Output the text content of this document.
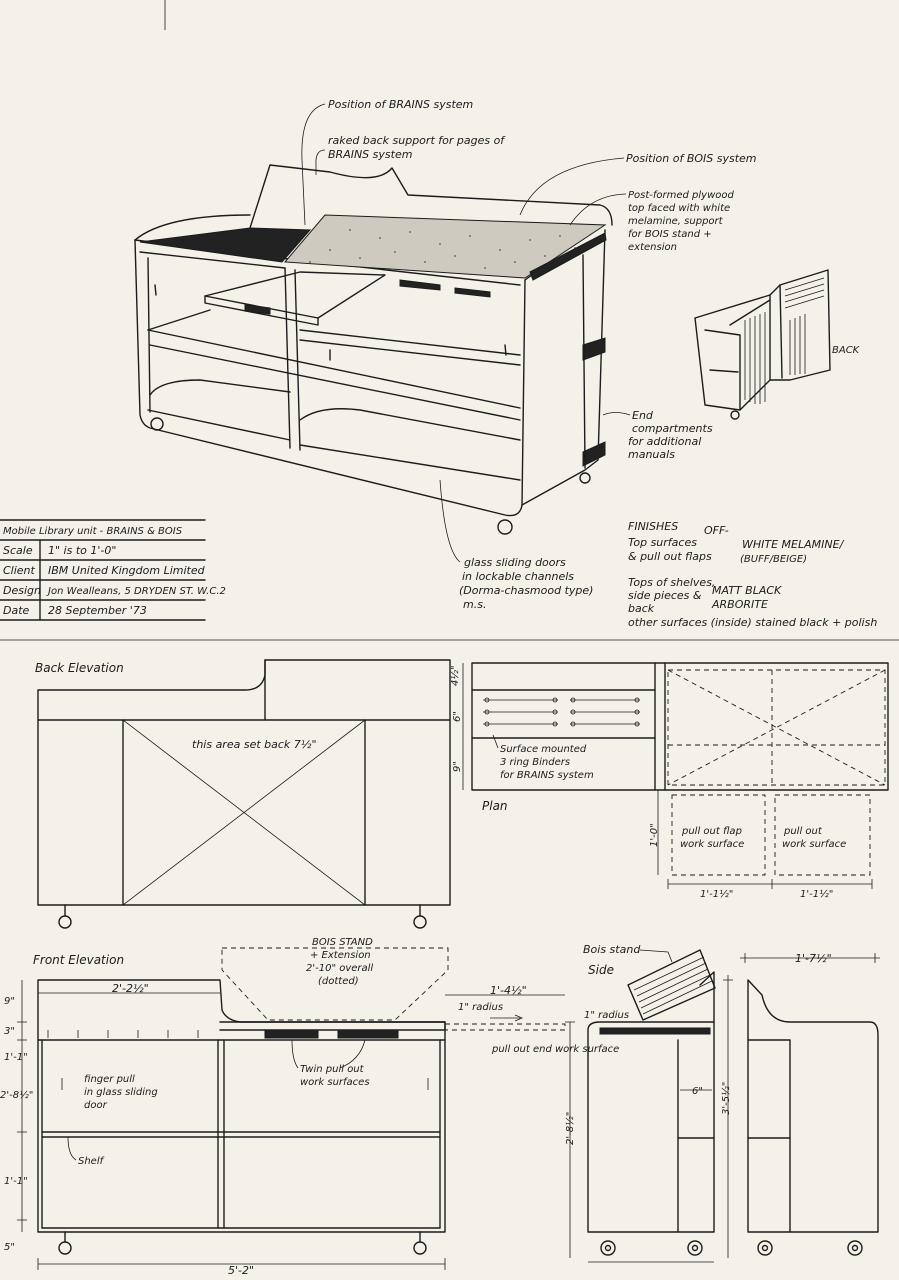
Position of BRAINS system
raked back support for pages of
BRAINS system	Position of BOIS system
Post-formed plywood
top faced with white
melamine, support
for BOIS stand +
extension
End
compartments
for additional
manuals
glass sliding doors
in lockable channels
(Dorma-chasmood type)
m.s.
BACK
Mobile Library unit - BRAINS & BOIS
Scale 1" is to 1'-0"
Client IBM United Kingdom Limited
Design Jon Wealleans, 5 DRYDEN ST. W.C.2
Date 28 September '73
FINISHES
Top surfaces
OFF-
WHITE MELAMINE/
& pull out flaps	(BUFF/BEIGE)
Tops of shelves,
side pieces & MATT BLACK
back	ARBORITE
other surfaces (inside) stained black + polish
Back Elevation
this area set back 7½"
Plan
Surface mounted
3 ring Binders
for BRAINS system
4½"
6"
9"
pull out flap
work surface
pull out
work surface
1'-0"
1'-1½"	1'-1½"
Front Elevation
BOIS STAND
+ Extension
2'-10" overall
(dotted)
1" radius
pull out end work surface
Twin pull out
work surfaces
finger pull
in glass sliding
door
Shelf
2'-2½"	1'-4½"
9"
3"
1'-1"
2'-8½"
1'-1"
5"
5'-2"
Bois stand
Side
6"
1" radius
2'-8½"
1'-7½"
3'-5½"
